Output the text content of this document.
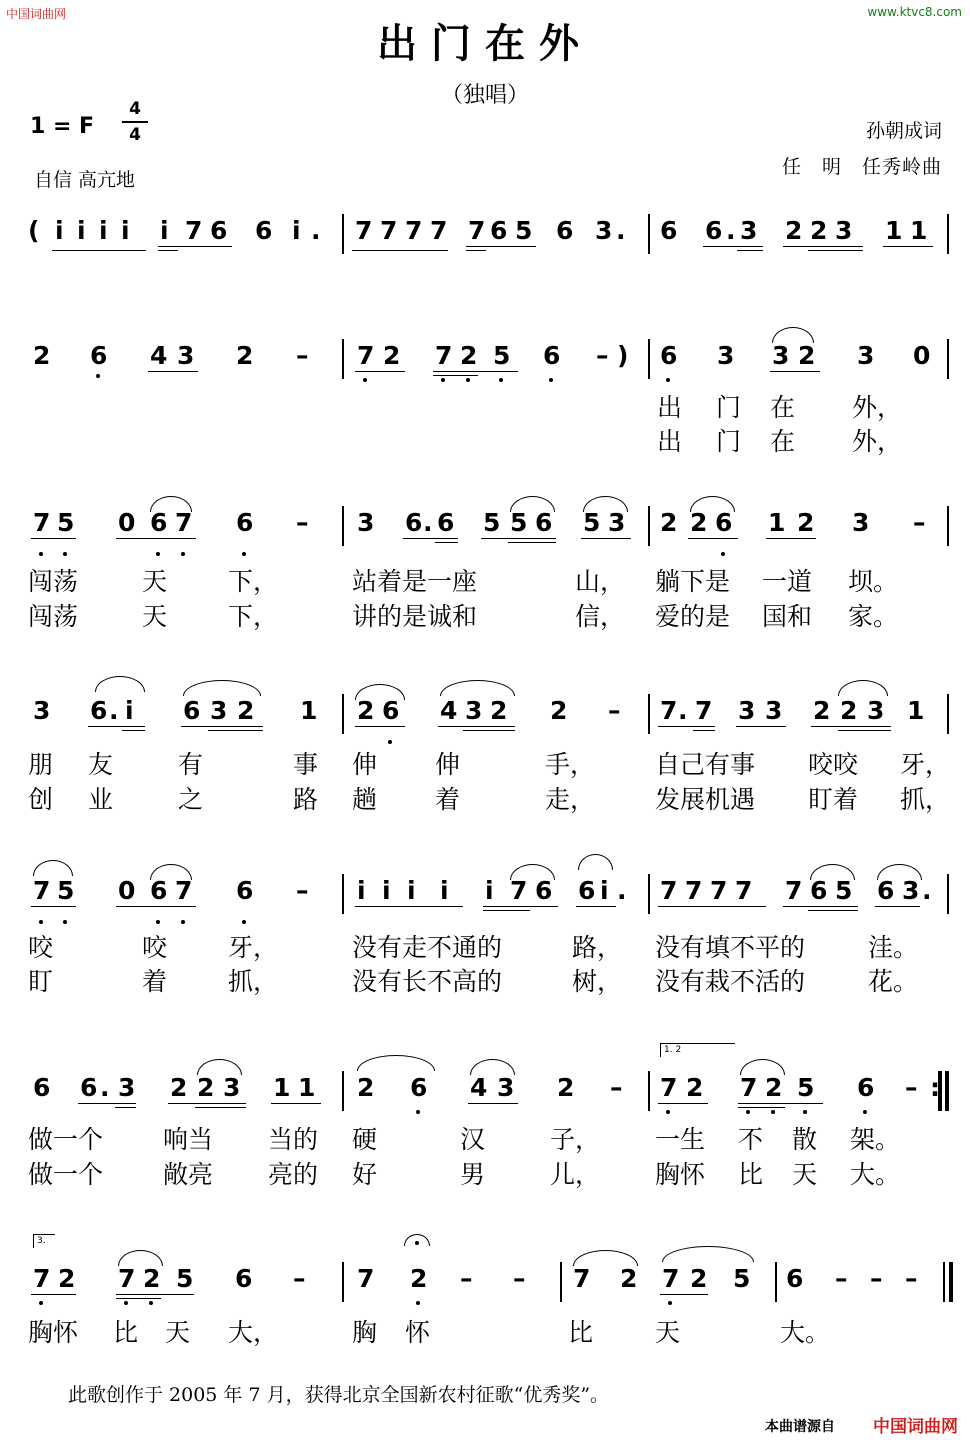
中国词曲网	www.ktvc8.com
出门在外
（独唱）
1 = F
4
4
自信 高亢地
孙朝成词
任　明　任秀岭曲
( i i i i i 7 6 6 i . 7 7 7 7 7 6 5 6 3 . 6 6 . 3 2 2 3 1 1
2 6 4 3 2 – 7 2 7 2 5 6 – ) 6 3 3 2 3 0
7 5 0 6 7 6 – 3 6 . 6 5 5 6 5 3 2 2 6 1 2 3 –
3 6 . i 6 3 2 1 2 6 4 3 2 2 – 7 . 7 3 3 2 2 3 1
7 5 0 6 7 6 – i i i i i 7 6 6 i . 7 7 7 7 7 6 5 6 3 .
6 6 . 3 2 2 3 1 1 2 6 4 3 2 – 7 2 7 2 5 6 – :
1. 2
7 2 7 2 5 6 – 7 2 – – 7 2 7 2 5 6 – – –
3.
出 门 在 外，
出 门 在 外，
闯荡	天 下，	站着是一座	山， 躺下是 一道 坝。
闯荡	天 下，	讲的是诚和	信， 爱的是 国和 家。
朋 友	有	事 伸 伸	手， 自己有事 咬咬 牙，
创 业	之	路 趟 着	走， 发展机遇 盯着 抓，
咬	咬 牙，	没有走不通的	路， 没有填不平的	洼。
盯	着 抓，	没有长不高的	树， 没有栽不活的	花。
做一个 响当 当的 硬	汉	子， 一生 不 散 架。
做一个 敞亮 亮的 好	男	儿， 胸怀 比 天 大。
胸怀 比 天 大，	胸 怀	比 天	大。
此歌创作于 2005 年 7 月，获得北京全国新农村征歌“优秀奖”。
本曲谱源自 中国词曲网
